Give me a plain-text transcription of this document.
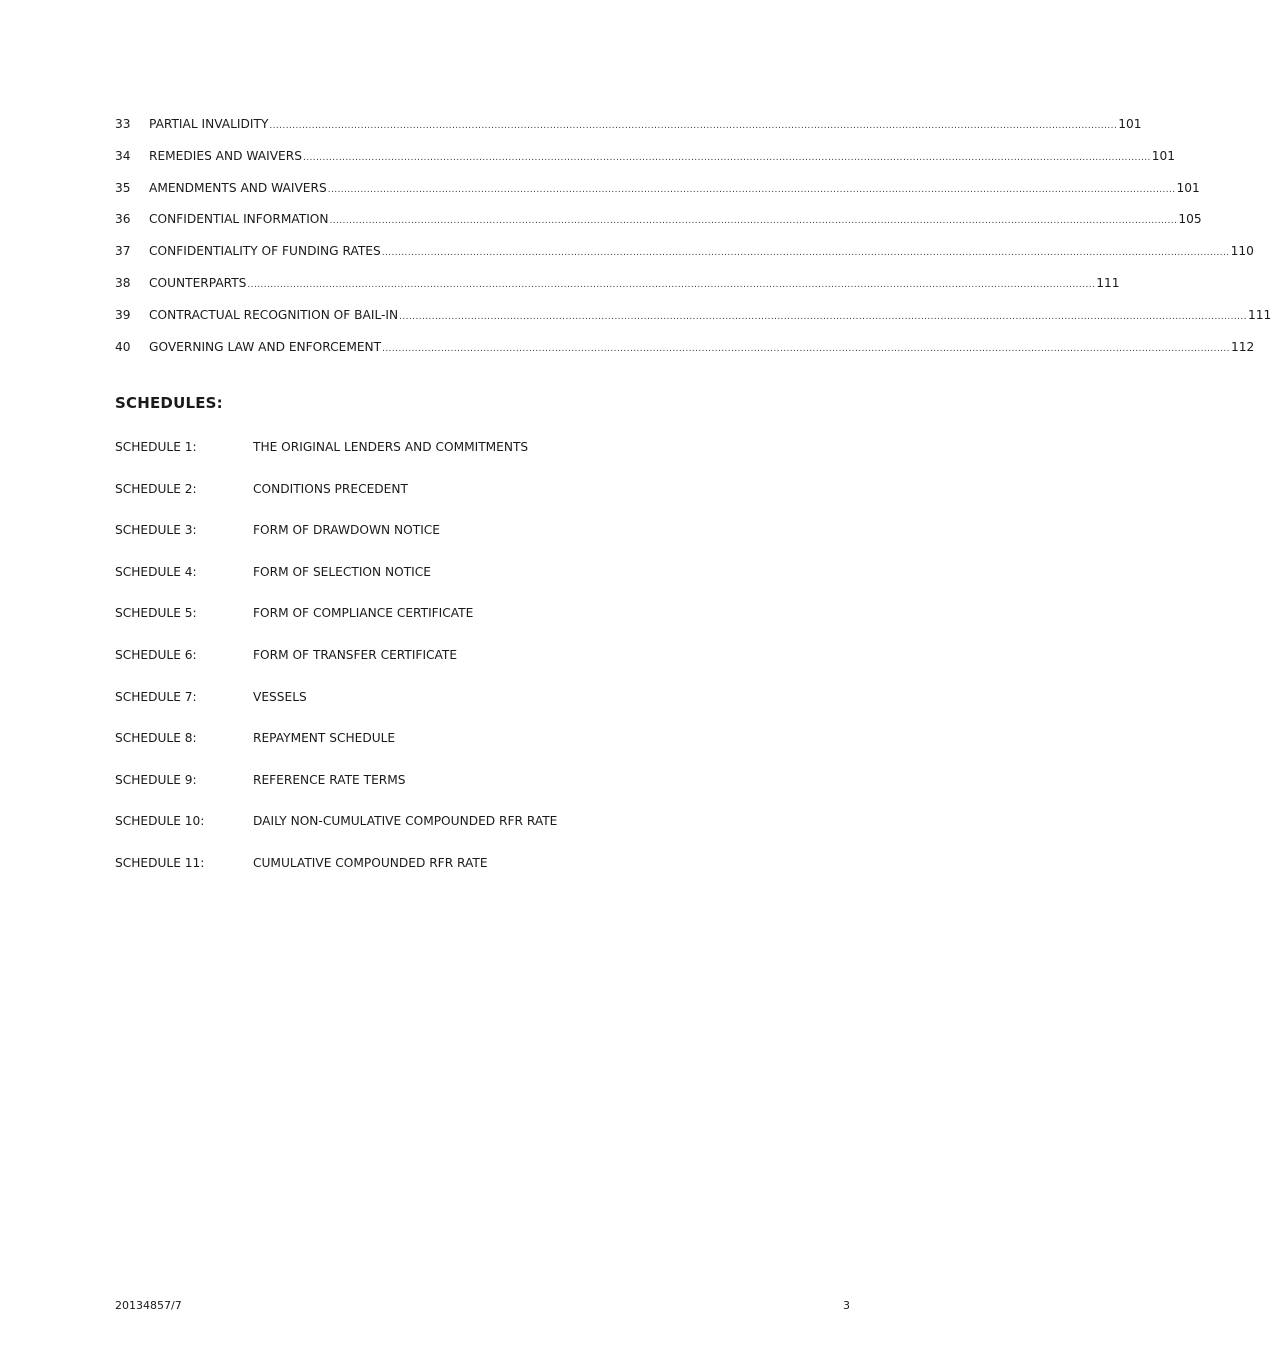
33	PARTIAL INVALIDITY .................................................................................................................................................................................................................................................................... 101
34	REMEDIES AND WAIVERS .................................................................................................................................................................................................................................................................... 101
35	AMENDMENTS AND WAIVERS .................................................................................................................................................................................................................................................................... 101
36	CONFIDENTIAL INFORMATION .................................................................................................................................................................................................................................................................... 105
37	CONFIDENTIALITY OF FUNDING RATES .................................................................................................................................................................................................................................................................... 110
38	COUNTERPARTS .................................................................................................................................................................................................................................................................... 111
39	CONTRACTUAL RECOGNITION OF BAIL-IN .................................................................................................................................................................................................................................................................... 111
40	GOVERNING LAW AND ENFORCEMENT .................................................................................................................................................................................................................................................................... 112
SCHEDULES:
SCHEDULE 1:	THE ORIGINAL LENDERS AND COMMITMENTS
SCHEDULE 2:	CONDITIONS PRECEDENT
SCHEDULE 3:	FORM OF DRAWDOWN NOTICE
SCHEDULE 4:	FORM OF SELECTION NOTICE
SCHEDULE 5:	FORM OF COMPLIANCE CERTIFICATE
SCHEDULE 6:	FORM OF TRANSFER CERTIFICATE
SCHEDULE 7:	VESSELS
SCHEDULE 8:	REPAYMENT SCHEDULE
SCHEDULE 9:	REFERENCE RATE TERMS
SCHEDULE 10:	DAILY NON-CUMULATIVE COMPOUNDED RFR RATE
SCHEDULE 11:	CUMULATIVE COMPOUNDED RFR RATE
20134857/7	3
